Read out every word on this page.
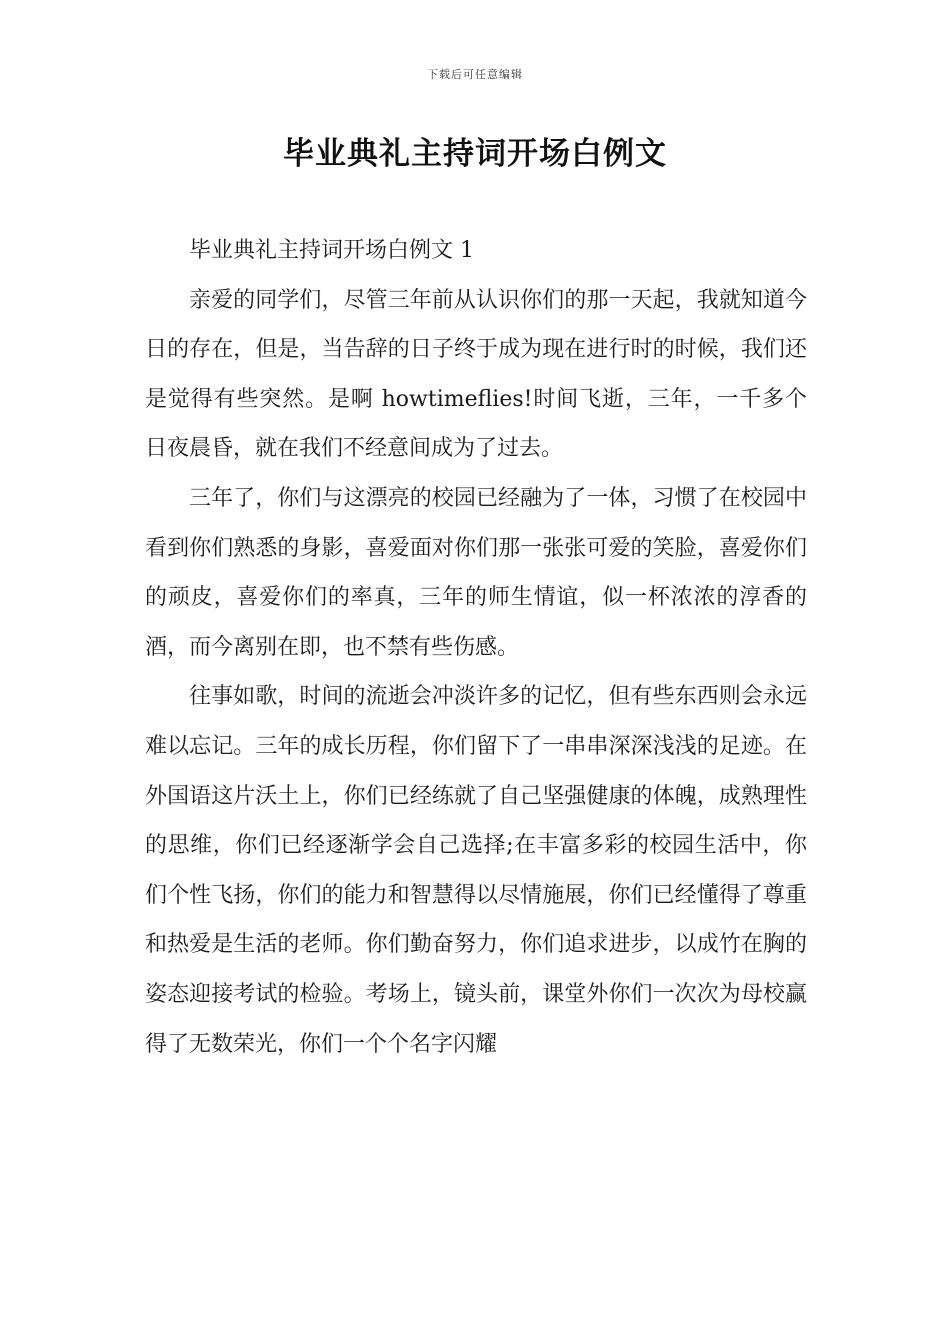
下载后可任意编辑
毕业典礼主持词开场白例文

毕业典礼主持词开场白例文 1

亲爱的同学们，尽管三年前从认识你们的那一天起，我就知道今日的存在，但是，当告辞的日子终于成为现在进行时的时候，我们还是觉得有些突然。是啊 howtimeflies!时间飞逝，三年，一千多个日夜晨昏，就在我们不经意间成为了过去。

三年了，你们与这漂亮的校园已经融为了一体，习惯了在校园中看到你们熟悉的身影，喜爱面对你们那一张张可爱的笑脸，喜爱你们的顽皮，喜爱你们的率真，三年的师生情谊，似一杯浓浓的淳香的酒，而今离别在即，也不禁有些伤感。

往事如歌，时间的流逝会冲淡许多的记忆，但有些东西则会永远难以忘记。三年的成长历程，你们留下了一串串深深浅浅的足迹。在外国语这片沃土上，你们已经练就了自己坚强健康的体魄，成熟理性的思维，你们已经逐渐学会自己选择;在丰富多彩的校园生活中，你们个性飞扬，你们的能力和智慧得以尽情施展，你们已经懂得了尊重和热爱是生活的老师。你们勤奋努力，你们追求进步，以成竹在胸的姿态迎接考试的检验。考场上，镜头前，课堂外你们一次次为母校赢得了无数荣光，你们一个个名字闪耀
